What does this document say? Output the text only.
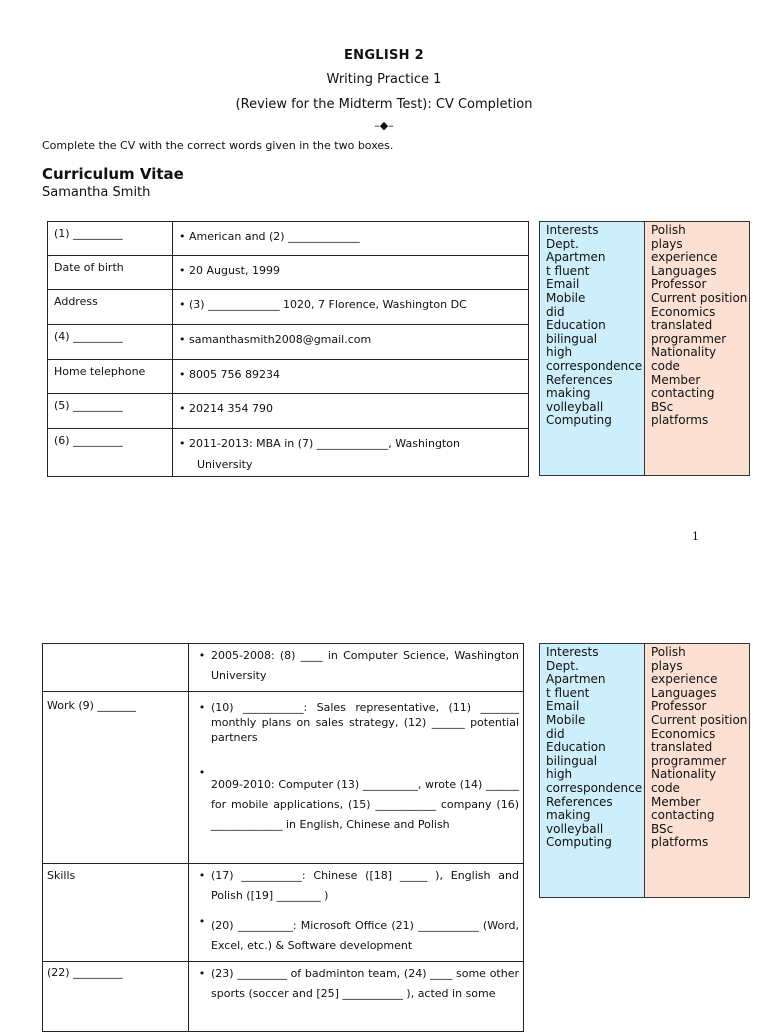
ENGLISH 2
Writing Practice 1
(Review for the Midterm Test): CV Completion
–◆–
Complete the CV with the correct words given in the two boxes.
Curriculum Vitae
Samantha Smith
(1) _________	• American and (2) _____________
Date of birth	• 20 August, 1999
Address	• (3) _____________ 1020, 7 Florence, Washington DC
(4) _________	• samanthasmith2008@gmail.com
Home telephone	• 8005 756 89234
(5) _________	• 20214 354 790
(6) _________	• 2011-2013: MBA in (7) _____________, Washington
University
Interests
Dept.
Apartmen
t fluent
Email
Mobile
did
Education
bilingual
high
correspondence
References
making
volleyball
Computing
Polish
plays
experience
Languages
Professor
Current position
Economics
translated
programmer
Nationality
code
Member
contacting
BSc
platforms
1

	• 2005-2008: (8) ____ in Computer Science, Washington University

Work (9) _______	• (10) ___________: Sales representative, (11) _______ monthly plans on sales strategy, (12) ______ potential partners
•
2009-2010: Computer (13) __________, wrote (14) ______ for mobile applications, (15) ___________ company (16) _____________ in English, Chinese and Polish

Skills	• (17) ___________: Chinese ([18] _____ ), English and Polish ([19] ________ )
• (20) __________: Microsoft Office (21) ___________ (Word, Excel, etc.) & Software development

(22) _________	• (23) _________ of badminton team, (24) ____ some other sports (soccer and [25] ___________ ), acted in some
Interests
Dept.
Apartmen
t fluent
Email
Mobile
did
Education
bilingual
high
correspondence
References
making
volleyball
Computing
Polish
plays
experience
Languages
Professor
Current position
Economics
translated
programmer
Nationality
code
Member
contacting
BSc
platforms
